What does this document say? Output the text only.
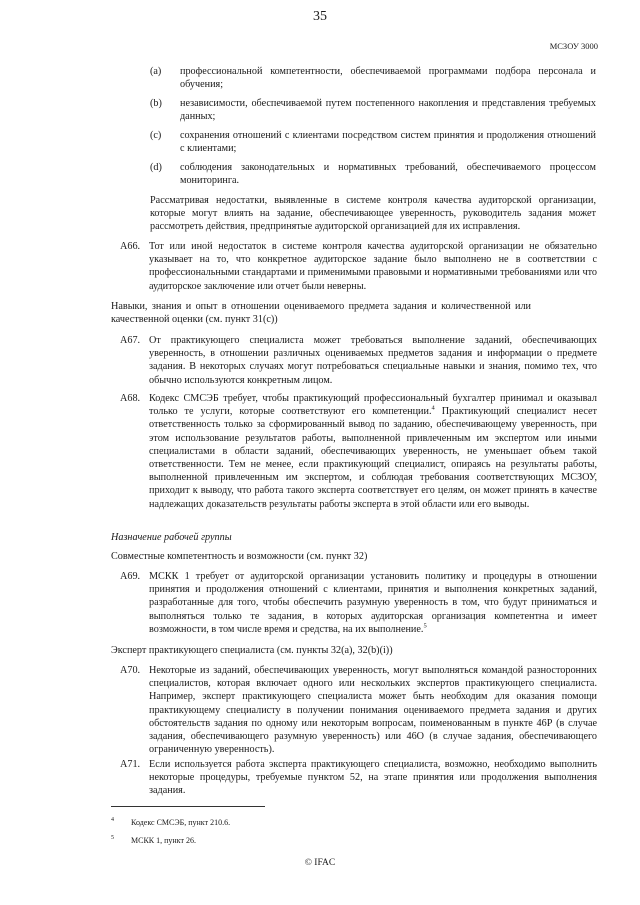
35
МСЗОУ 3000
(a) профессиональной компетентности, обеспечиваемой программами подбора персонала и обучения;
(b) независимости, обеспечиваемой путем постепенного накопления и представления требуемых данных;
(c) сохранения отношений с клиентами посредством систем принятия и продолжения отношений с клиентами;
(d) соблюдения законодательных и нормативных требований, обеспечиваемого процессом мониторинга.
Рассматривая недостатки, выявленные в системе контроля качества аудиторской организации, которые могут влиять на задание, обеспечивающее уверенность, руководитель задания может рассмотреть действия, предпринятые аудиторской организацией для их исправления.
A66. Тот или иной недостаток в системе контроля качества аудиторской организации не обязательно указывает на то, что конкретное аудиторское задание было выполнено не в соответствии с профессиональными стандартами и применимыми правовыми и нормативными требованиями или что аудиторское заключение или отчет были неверны.
Навыки, знания и опыт в отношении оцениваемого предмета задания и количественной или качественной оценки (см. пункт 31(c))
A67. От практикующего специалиста может требоваться выполнение заданий, обеспечивающих уверенность, в отношении различных оцениваемых предметов задания и информации о предмете задания. В некоторых случаях могут потребоваться специальные навыки и знания, помимо тех, что обычно используются конкретным лицом.
A68. Кодекс СМСЭБ требует, чтобы практикующий профессиональный бухгалтер принимал и оказывал только те услуги, которые соответствуют его компетенции.$^4$ Практикующий специалист несет ответственность только за сформированный вывод по заданию, обеспечивающему уверенность, при этом использование результатов работы, выполненной привлеченным им экспертом или иными специалистами в области заданий, обеспечивающих уверенность, не уменьшает объем такой ответственности. Тем не менее, если практикующий специалист, опираясь на результаты работы, выполненной привлеченным им экспертом, и соблюдая требования соответствующих МСЗОУ, приходит к выводу, что работа такого эксперта соответствует его целям, он может принять в качестве надлежащих доказательств результаты работы эксперта в этой области или его выводы.
Назначение рабочей группы
Совместные компетентность и возможности (см. пункт 32)
A69. МСКК 1 требует от аудиторской организации установить политику и процедуры в отношении принятия и продолжения отношений с клиентами, принятия и выполнения конкретных заданий, разработанные для того, чтобы обеспечить разумную уверенность в том, что будут приниматься и выполняться только те задания, в которых аудиторская организация компетентна и имеет возможности, в том числе время и средства, на их выполнение.$^5$
Эксперт практикующего специалиста (см. пункты 32(a), 32(b)(i))
A70. Некоторые из заданий, обеспечивающих уверенность, могут выполняться командой разносторонних специалистов, которая включает одного или нескольких экспертов практикующего специалиста. Например, эксперт практикующего специалиста может быть необходим для оказания помощи практикующему специалисту в получении понимания оцениваемого предмета задания и других обстоятельств задания по одному или некоторым вопросам, поименованным в пункте 46Р (в случае задания, обеспечивающего разумную уверенность) или 46О (в случае задания, обеспечивающего ограниченную уверенность).
A71. Если используется работа эксперта практикующего специалиста, возможно, необходимо выполнить некоторые процедуры, требуемые пунктом 52, на этапе принятия или продолжения выполнения задания.
4 Кодекс СМСЭБ, пункт 210.6.
5 МСКК 1, пункт 26.
© IFAC
